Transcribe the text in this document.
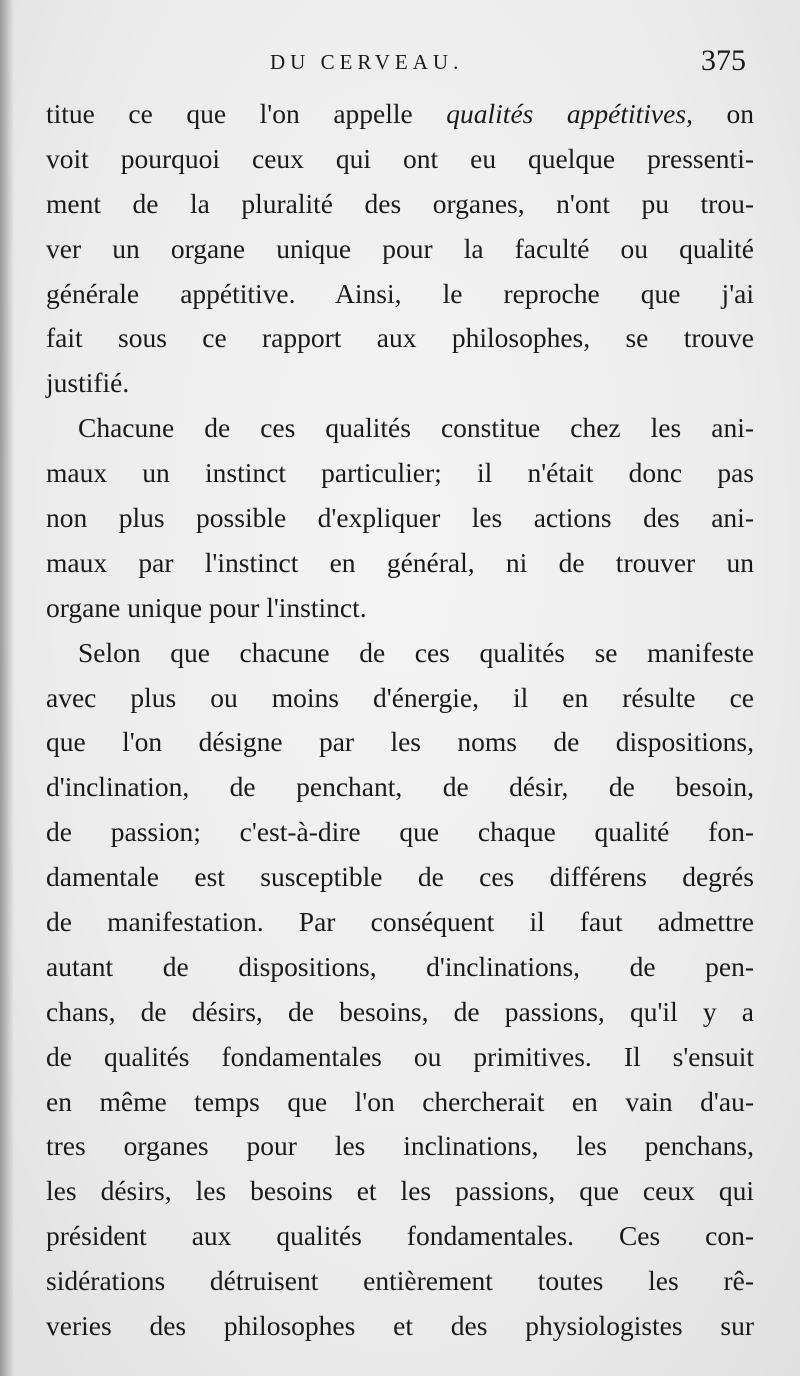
DU CERVEAU.	375
titue ce que l'on appelle qualités appétitives, on
voit pourquoi ceux qui ont eu quelque pressenti-
ment de la pluralité des organes, n'ont pu trou-
ver un organe unique pour la faculté ou qualité
générale appétitive. Ainsi, le reproche que j'ai
fait sous ce rapport aux philosophes, se trouve
justifié.
Chacune de ces qualités constitue chez les ani-
maux un instinct particulier; il n'était donc pas
non plus possible d'expliquer les actions des ani-
maux par l'instinct en général, ni de trouver un
organe unique pour l'instinct.
Selon que chacune de ces qualités se manifeste
avec plus ou moins d'énergie, il en résulte ce
que l'on désigne par les noms de dispositions,
d'inclination, de penchant, de désir, de besoin,
de passion; c'est-à-dire que chaque qualité fon-
damentale est susceptible de ces différens degrés
de manifestation. Par conséquent il faut admettre
autant de dispositions, d'inclinations, de pen-
chans, de désirs, de besoins, de passions, qu'il y a
de qualités fondamentales ou primitives. Il s'ensuit
en même temps que l'on chercherait en vain d'au-
tres organes pour les inclinations, les penchans,
les désirs, les besoins et les passions, que ceux qui
président aux qualités fondamentales. Ces con-
sidérations détruisent entièrement toutes les rê-
veries des philosophes et des physiologistes sur
